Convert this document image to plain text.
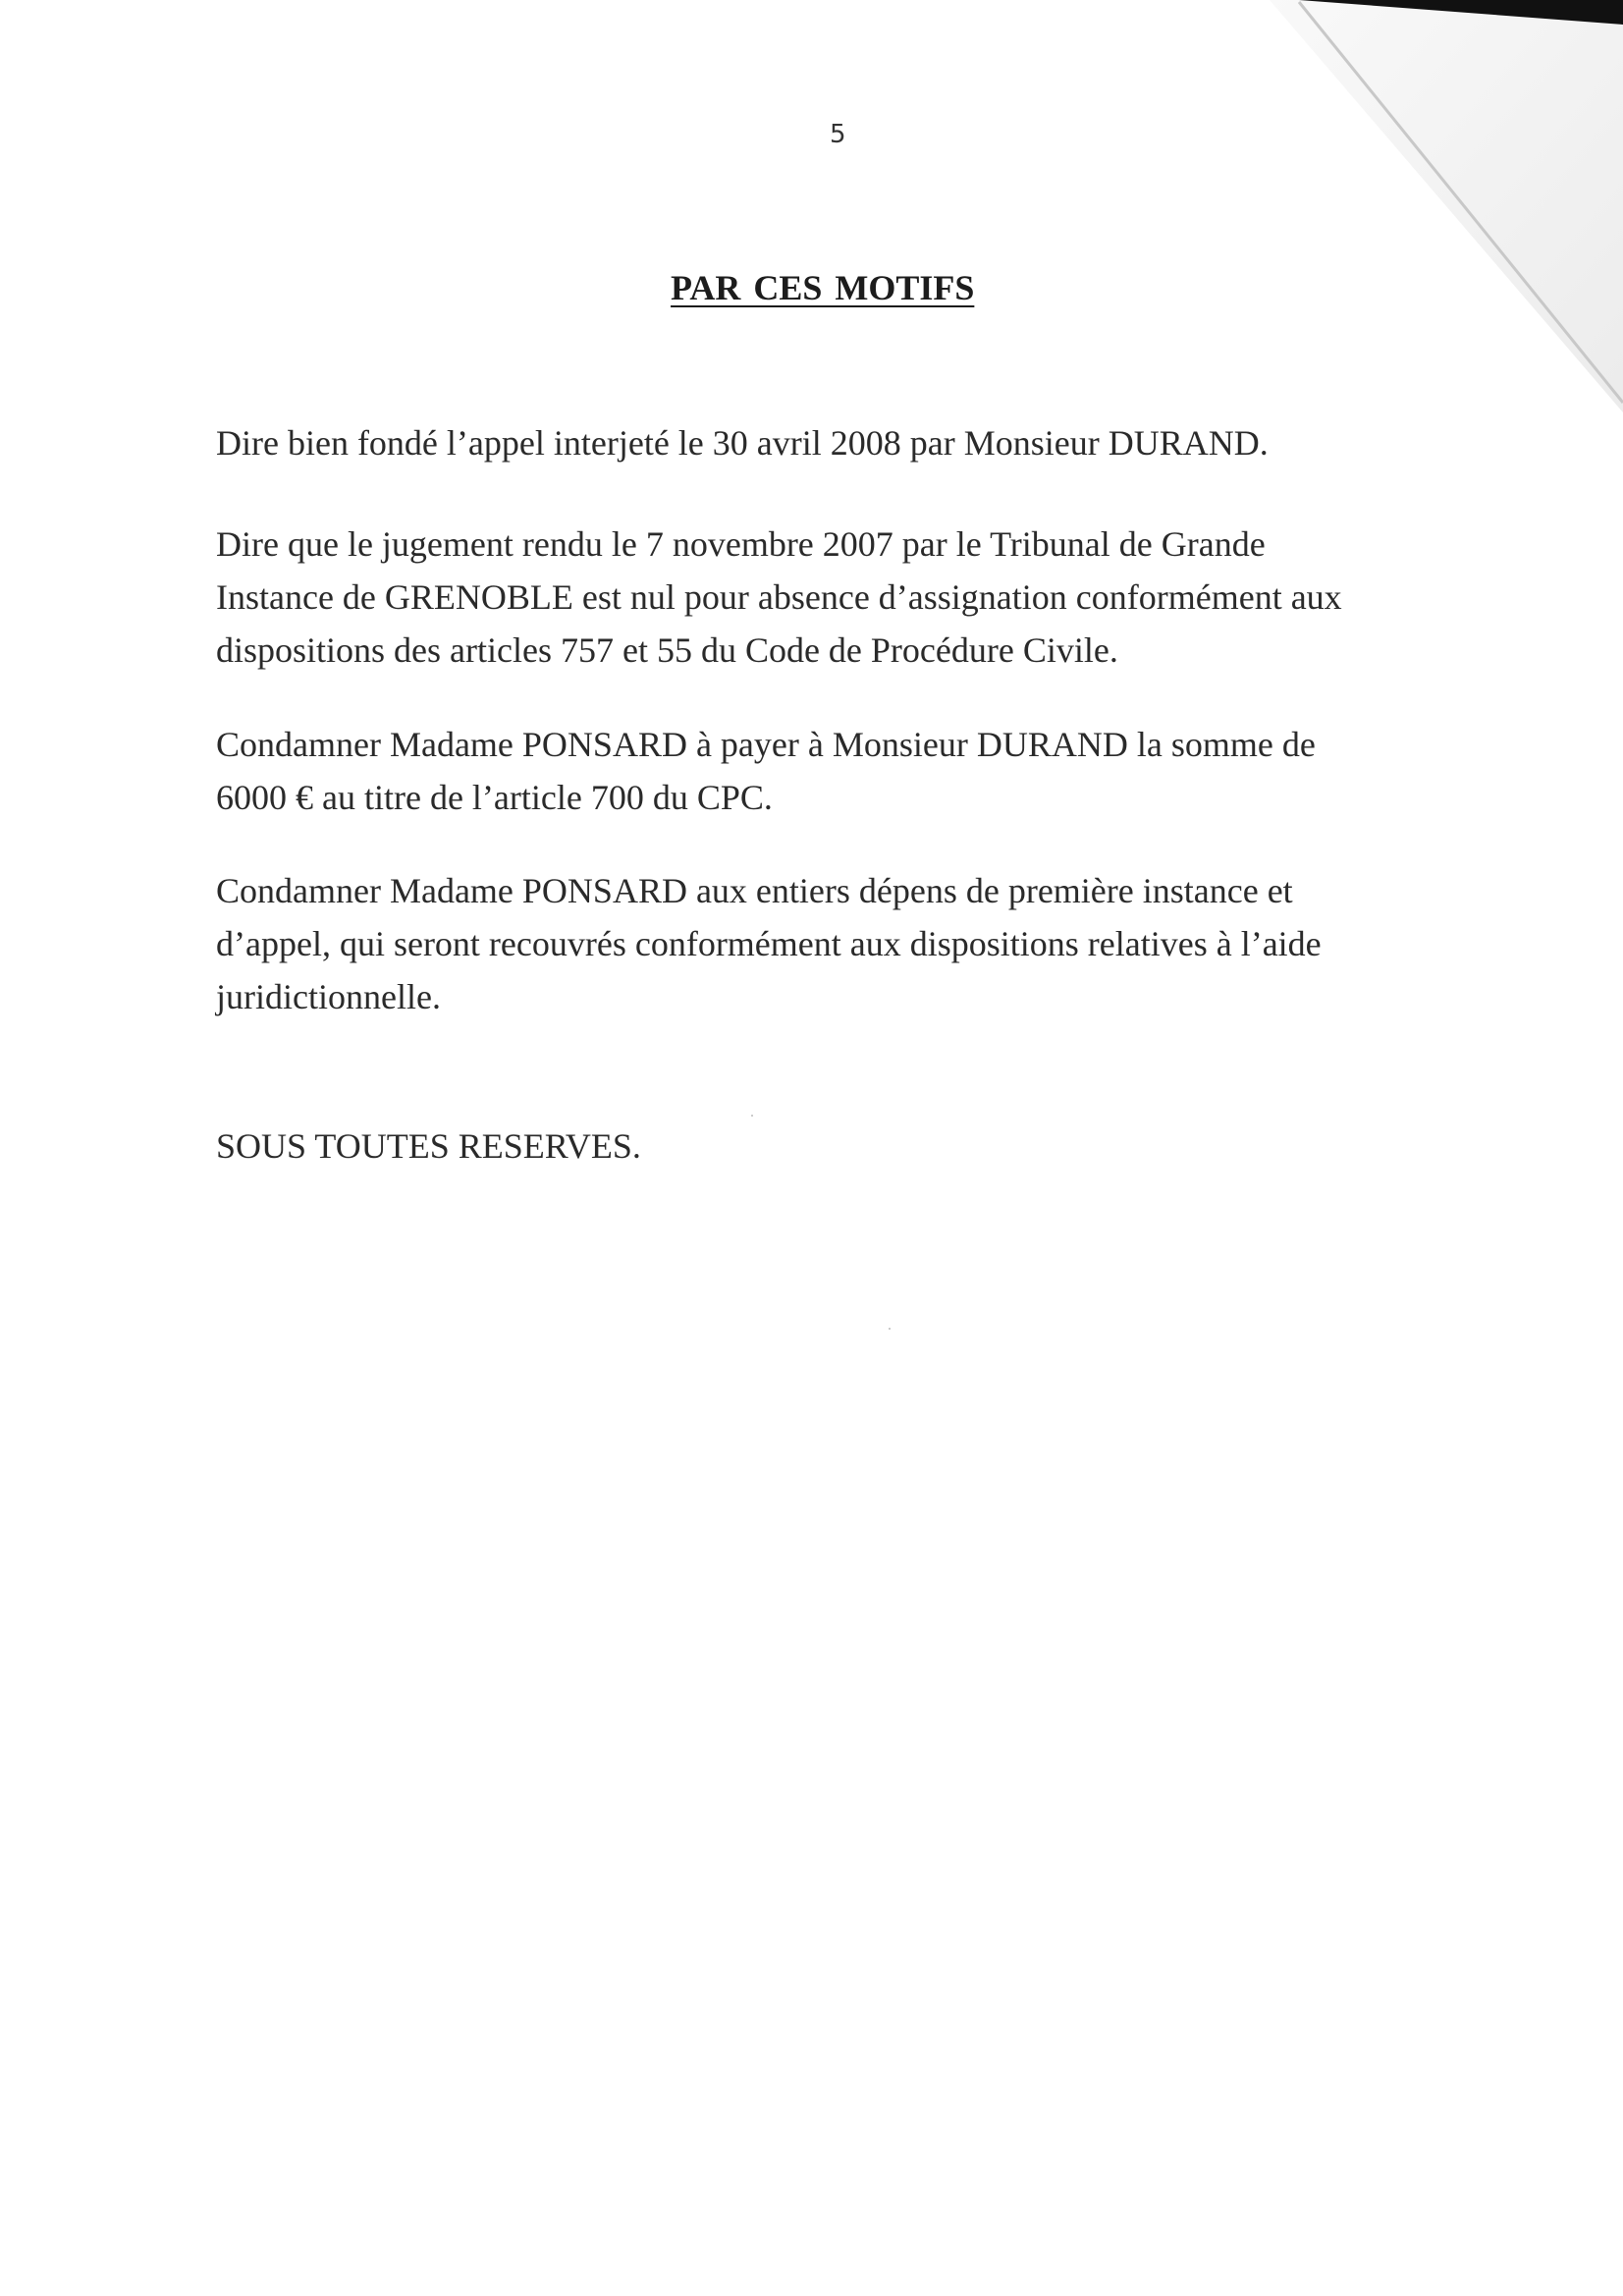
5
PAR CES MOTIFS

Dire bien fondé l’appel interjeté le 30 avril 2008 par Monsieur DURAND.

Dire que le jugement rendu le 7 novembre 2007 par le Tribunal de Grande
Instance de GRENOBLE est nul pour absence d’assignation conformément aux
dispositions des articles 757 et 55 du Code de Procédure Civile.

Condamner Madame PONSARD à payer à Monsieur DURAND la somme de
6000 € au titre de l’article 700 du CPC.

Condamner Madame PONSARD aux entiers dépens de première instance et
d’appel, qui seront recouvrés conformément aux dispositions relatives à l’aide
juridictionnelle.

SOUS TOUTES RESERVES.
